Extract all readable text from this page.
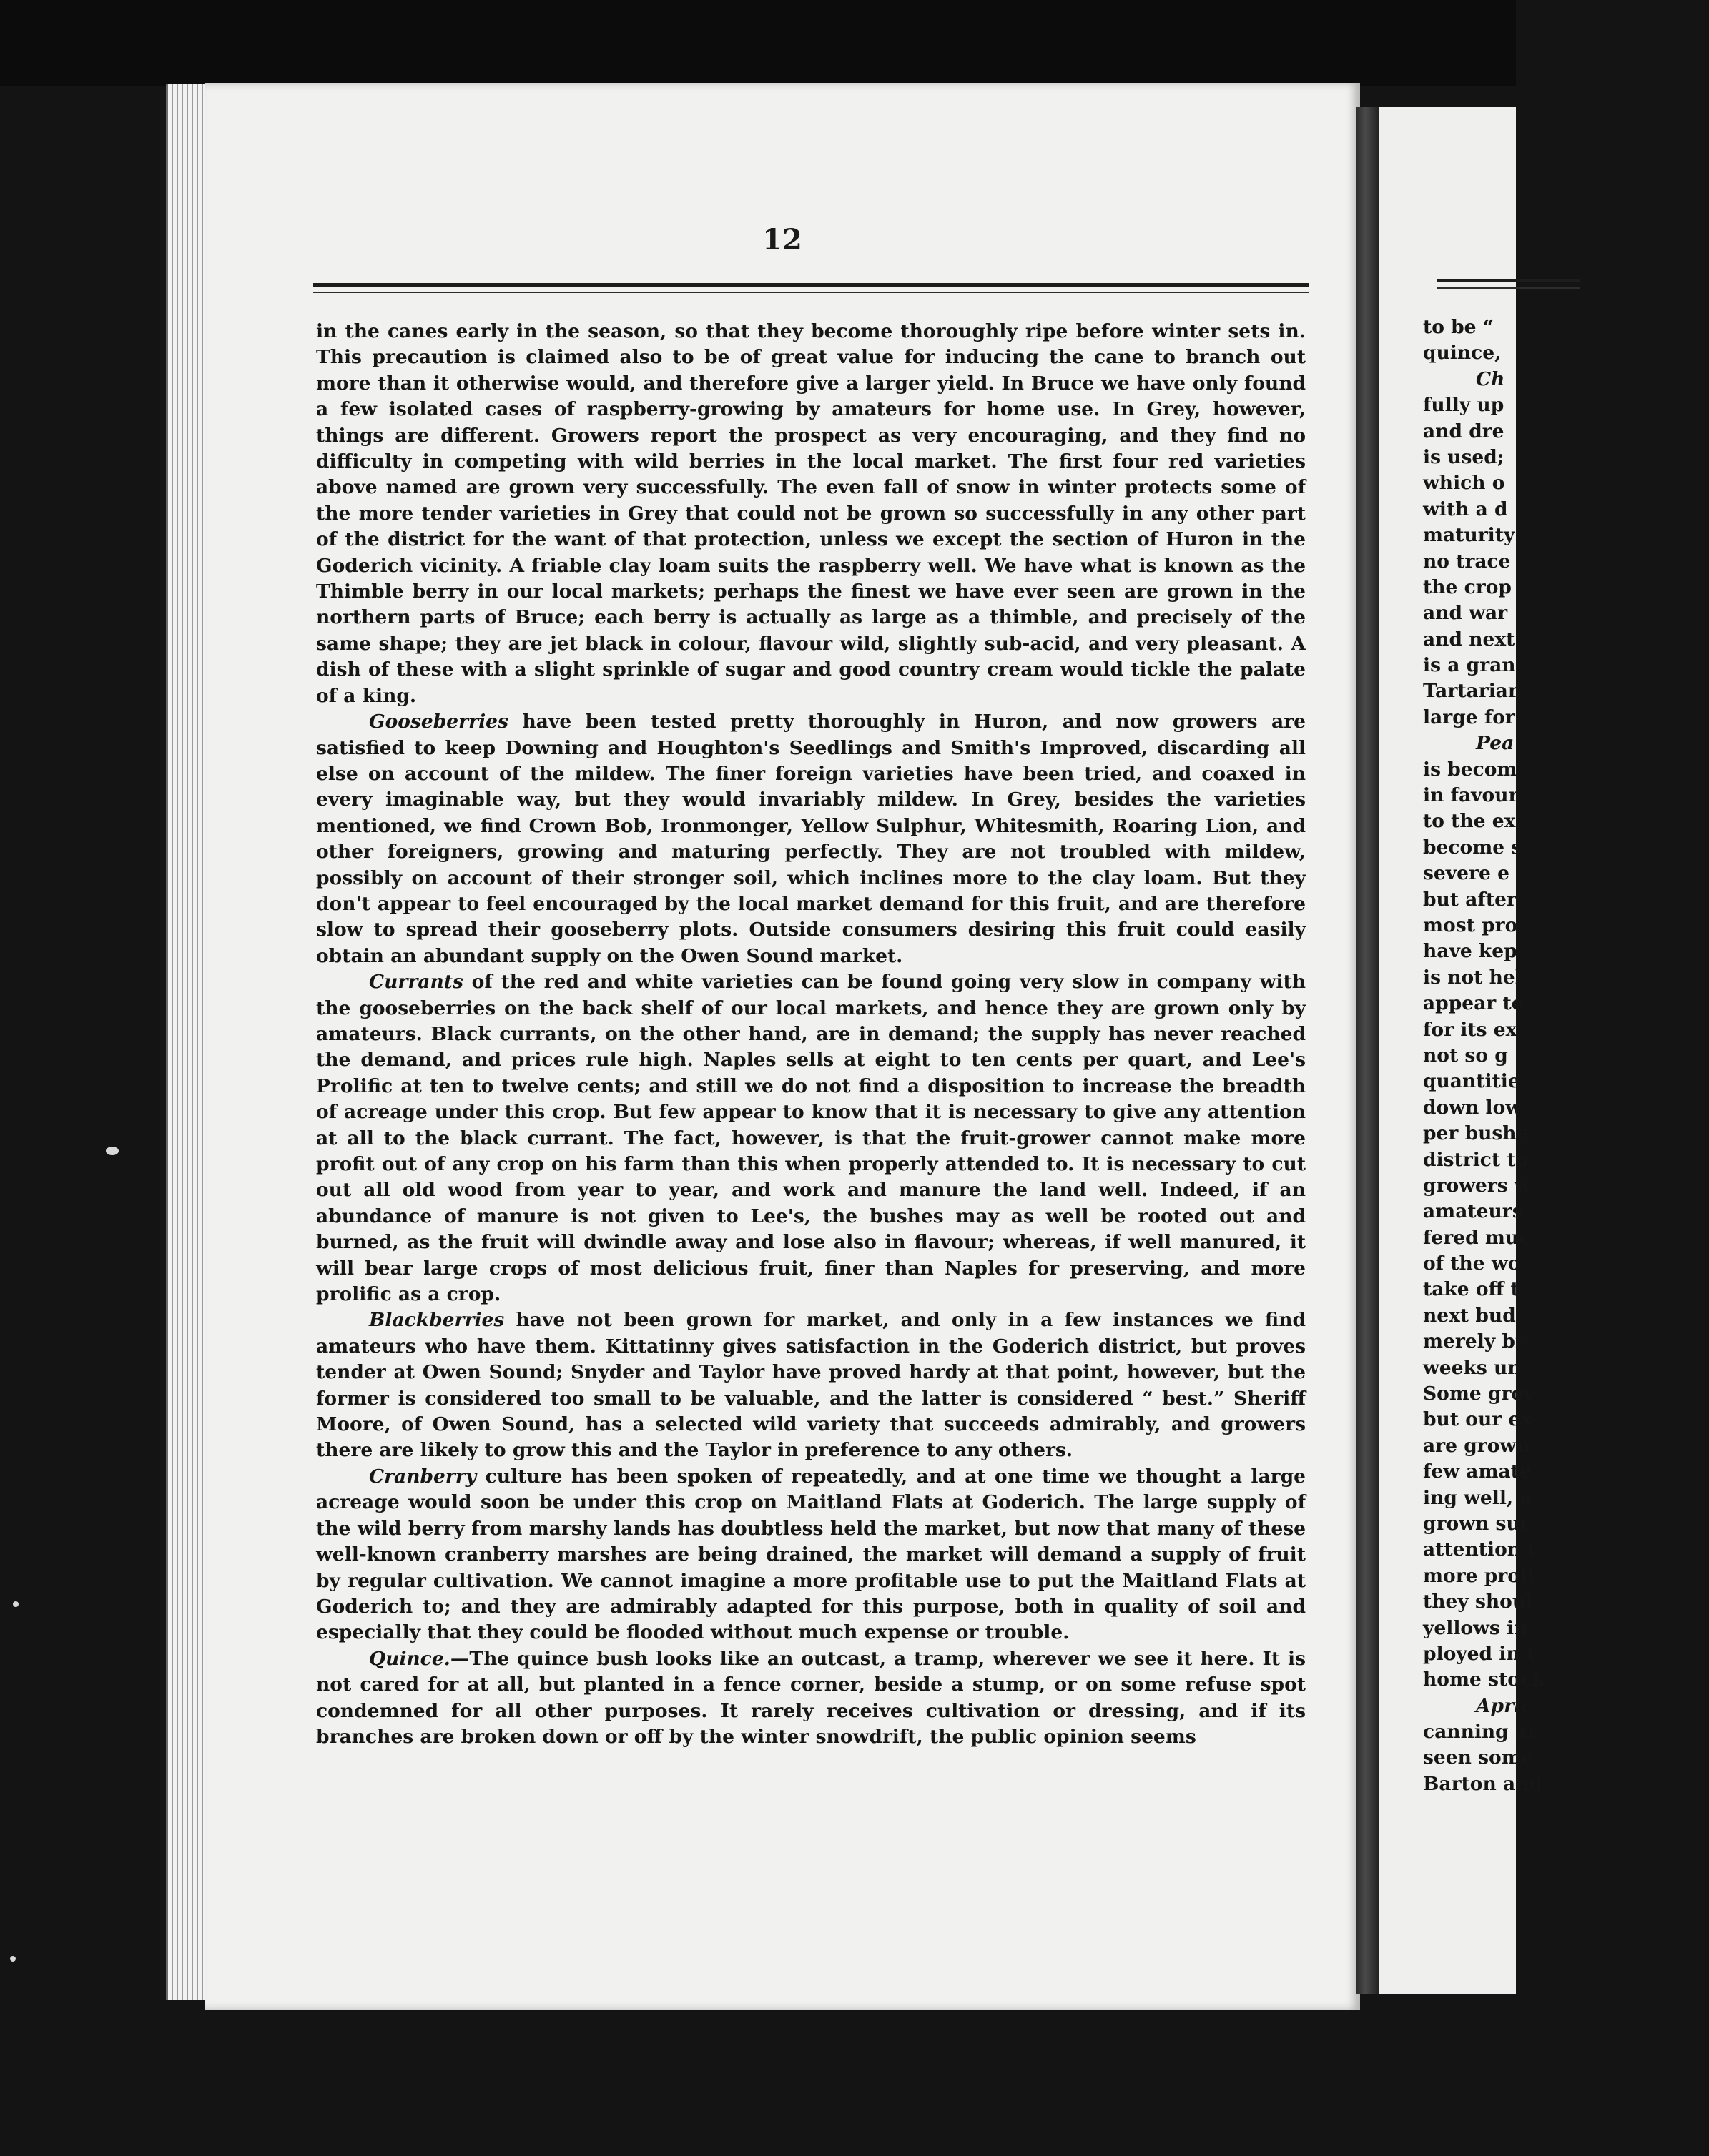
12

in the canes early in the season, so that they become thoroughly ripe before winter sets in. This precaution is claimed also to be of great value for inducing the cane to branch out more than it otherwise would, and therefore give a larger yield. In Bruce we have only found a few isolated cases of raspberry-growing by amateurs for home use. In Grey, however, things are different. Growers report the prospect as very encouraging, and they find no difficulty in competing with wild berries in the local market. The first four red varieties above named are grown very successfully. The even fall of snow in winter protects some of the more tender varieties in Grey that could not be grown so successfully in any other part of the district for the want of that protection, unless we except the section of Huron in the Goderich vicinity. A friable clay loam suits the raspberry well. We have what is known as the Thimble berry in our local markets; perhaps the finest we have ever seen are grown in the northern parts of Bruce; each berry is actually as large as a thimble, and precisely of the same shape; they are jet black in colour, flavour wild, slightly sub-acid, and very pleasant. A dish of these with a slight sprinkle of sugar and good country cream would tickle the palate of a king.

Gooseberries have been tested pretty thoroughly in Huron, and now growers are satisfied to keep Downing and Houghton's Seedlings and Smith's Improved, discarding all else on account of the mildew. The finer foreign varieties have been tried, and coaxed in every imaginable way, but they would invariably mildew. In Grey, besides the varieties mentioned, we find Crown Bob, Ironmonger, Yellow Sulphur, Whitesmith, Roaring Lion, and other foreigners, growing and maturing perfectly. They are not troubled with mildew, possibly on account of their stronger soil, which inclines more to the clay loam. But they don't appear to feel encouraged by the local market demand for this fruit, and are therefore slow to spread their gooseberry plots. Outside consumers desiring this fruit could easily obtain an abundant supply on the Owen Sound market.

Currants of the red and white varieties can be found going very slow in company with the gooseberries on the back shelf of our local markets, and hence they are grown only by amateurs. Black currants, on the other hand, are in demand; the supply has never reached the demand, and prices rule high. Naples sells at eight to ten cents per quart, and Lee's Prolific at ten to twelve cents; and still we do not find a disposition to increase the breadth of acreage under this crop. But few appear to know that it is necessary to give any attention at all to the black currant. The fact, however, is that the fruit-grower cannot make more profit out of any crop on his farm than this when properly attended to. It is necessary to cut out all old wood from year to year, and work and manure the land well. Indeed, if an abundance of manure is not given to Lee's, the bushes may as well be rooted out and burned, as the fruit will dwindle away and lose also in flavour; whereas, if well manured, it will bear large crops of most delicious fruit, finer than Naples for preserving, and more prolific as a crop.

Blackberries have not been grown for market, and only in a few instances we find amateurs who have them. Kittatinny gives satisfaction in the Goderich district, but proves tender at Owen Sound; Snyder and Taylor have proved hardy at that point, however, but the former is considered too small to be valuable, and the latter is considered “ best.” Sheriff Moore, of Owen Sound, has a selected wild variety that succeeds admirably, and growers there are likely to grow this and the Taylor in preference to any others.

Cranberry culture has been spoken of repeatedly, and at one time we thought a large acreage would soon be under this crop on Maitland Flats at Goderich. The large supply of the wild berry from marshy lands has doubtless held the market, but now that many of these well-known cranberry marshes are being drained, the market will demand a supply of fruit by regular cultivation. We cannot imagine a more profitable use to put the Maitland Flats at Goderich to; and they are admirably adapted for this purpose, both in quality of soil and especially that they could be flooded without much expense or trouble.

Quince.—The quince bush looks like an outcast, a tramp, wherever we see it here. It is not cared for at all, but planted in a fence corner, beside a stump, or on some refuse spot condemned for all other purposes. It rarely receives cultivation or dressing, and if its branches are broken down or off by the winter snowdrift, the public opinion seems

to be “
quince,
Ch
fully up
and dre
is used;
which o
with a d
maturity
no trace
the crop
and war
and next
is a gran
Tartarian
large for
Pea
is becom
in favour
to the ex
become s
severe e
but after
most pro
have kep
is not hel
appear to
for its ex
not so g
quantitie
down low
per bushe
district to
growers w
amateurs
fered muc
of the wo
take off t
next bud
merely br
weeks un
Some grov
but our ex
are grown
few amate
ing well, a
grown suc
attention t
more proli
they shoul
yellows in
ployed in t
home stock
Apric
canning ar
seen some
Barton and
